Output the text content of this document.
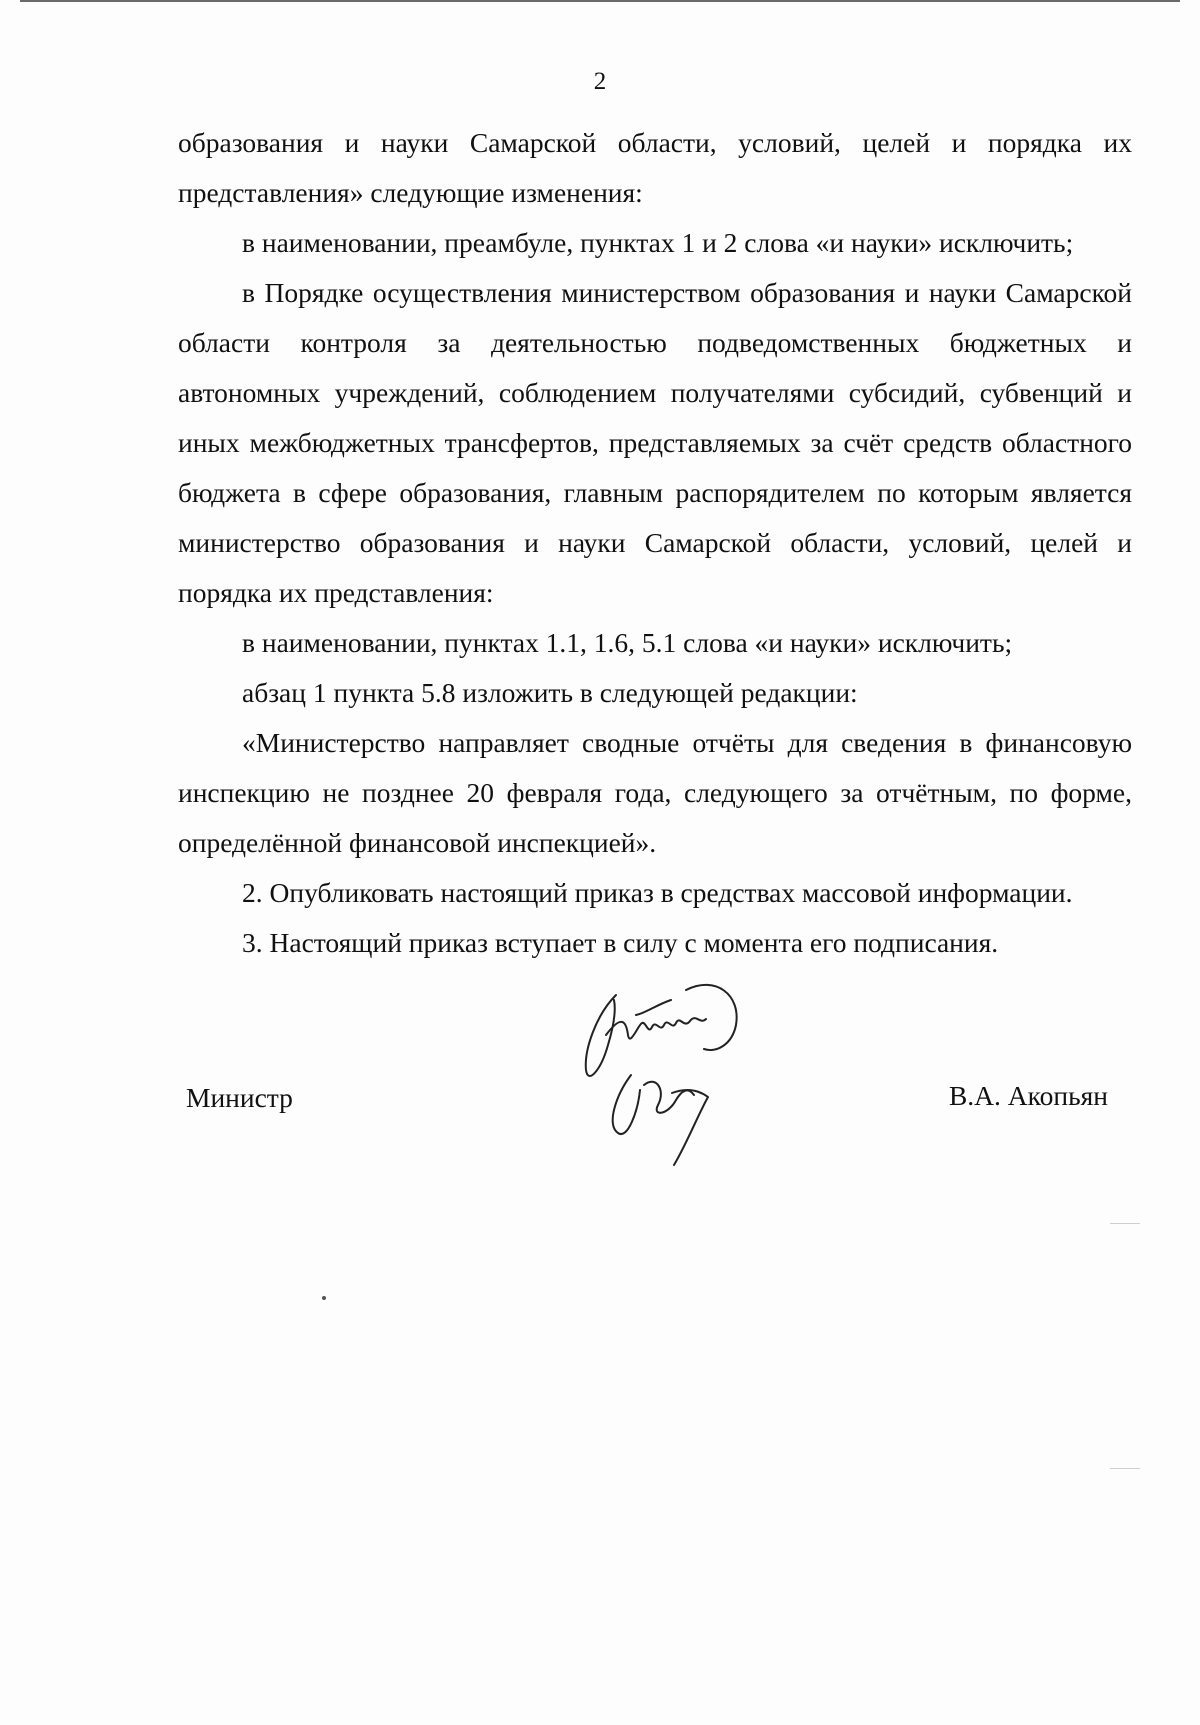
2

образования и науки Самарской области, условий, целей и порядка их представления» следующие изменения:

в наименовании, преамбуле, пунктах 1 и 2 слова «и науки» исключить;

в Порядке осуществления министерством образования и науки Самарской области контроля за деятельностью подведомственных бюджетных и автономных учреждений, соблюдением получателями субсидий, субвенций и иных межбюджетных трансфертов, представляемых за счёт средств областного бюджета в сфере образования, главным распорядителем по которым является министерство образования и науки Самарской области, условий, целей и порядка их представления:

в наименовании, пунктах 1.1, 1.6, 5.1 слова «и науки» исключить;

абзац 1 пункта 5.8 изложить в следующей редакции:

«Министерство направляет сводные отчёты для сведения в финансовую инспекцию не позднее 20 февраля года, следующего за отчётным, по форме, определённой финансовой инспекцией».

2. Опубликовать настоящий приказ в средствах массовой информации.

3. Настоящий приказ вступает в силу с момента его подписания.

Министр	В.А. Акопьян
